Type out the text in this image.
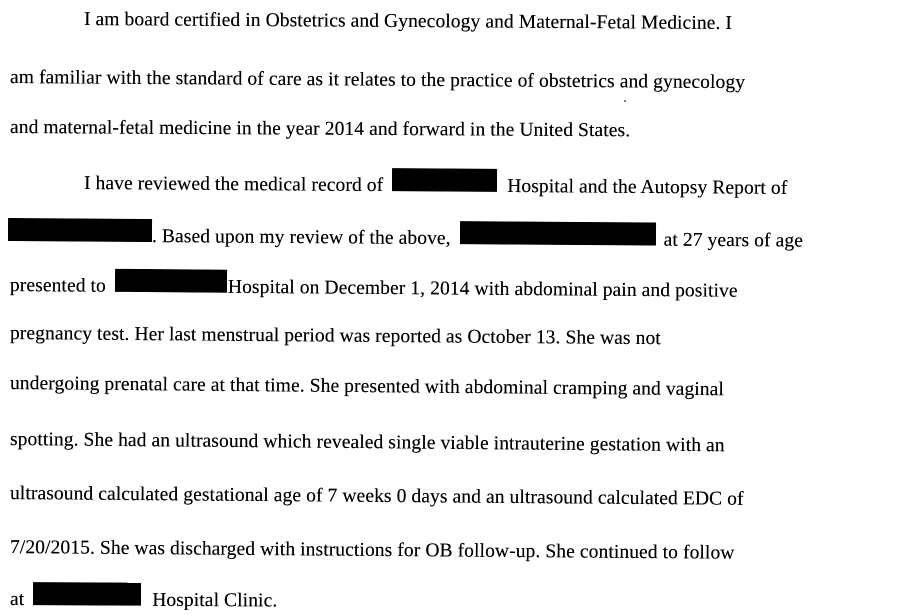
I am board certified in Obstetrics and Gynecology and Maternal-Fetal Medicine. I
am familiar with the standard of care as it relates to the practice of obstetrics and gynecology
and maternal-fetal medicine in the year 2014 and forward in the United States.
I have reviewed the medical record of	Hospital and the Autopsy Report of
. Based upon my review of the above,	at 27 years of age
presented to	Hospital on December 1, 2014 with abdominal pain and positive
pregnancy test. Her last menstrual period was reported as October 13. She was not
undergoing prenatal care at that time. She presented with abdominal cramping and vaginal
spotting. She had an ultrasound which revealed single viable intrauterine gestation with an
ultrasound calculated gestational age of 7 weeks 0 days and an ultrasound calculated EDC of
7/20/2015. She was discharged with instructions for OB follow-up. She continued to follow
at	Hospital Clinic.
